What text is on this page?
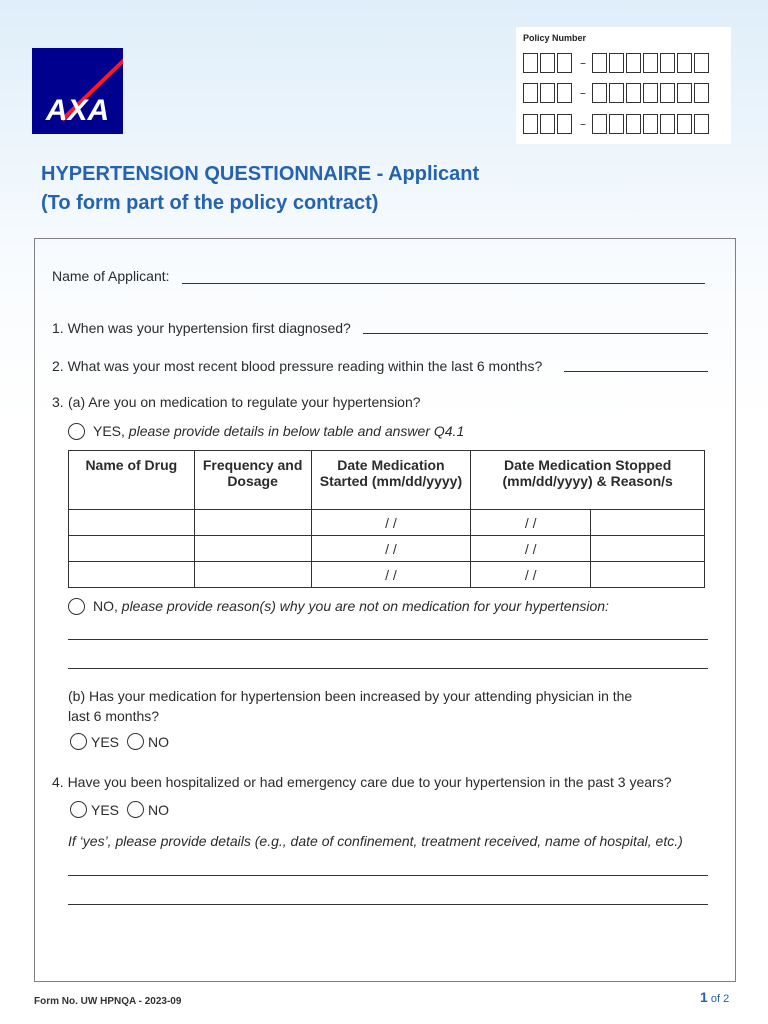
AXA
Policy Number
–
–
–
HYPERTENSION QUESTIONNAIRE - Applicant
(To form part of the policy contract)
Name of Applicant:
1. When was your hypertension first diagnosed?
2. What was your most recent blood pressure reading within the last 6 months?
3. (a) Are you on medication to regulate your hypertension?
YES, please provide details in below table and answer Q4.1
Name of Drug	Frequency and Dosage	Date Medication Started (mm/dd/yyyy)	Date Medication Stopped (mm/dd/yyyy) & Reason/s	
		/ /	/ /	
		/ /	/ /	
		/ /	/ /	
NO, please provide reason(s) why you are not on medication for your hypertension:
(b) Has your medication for hypertension been increased by your attending physician in the
last 6 months?
YES NO
4. Have you been hospitalized or had emergency care due to your hypertension in the past 3 years?
YES NO
If ‘yes’, please provide details (e.g., date of confinement, treatment received, name of hospital, etc.)
Form No. UW HPNQA - 2023-09	1 of 2
